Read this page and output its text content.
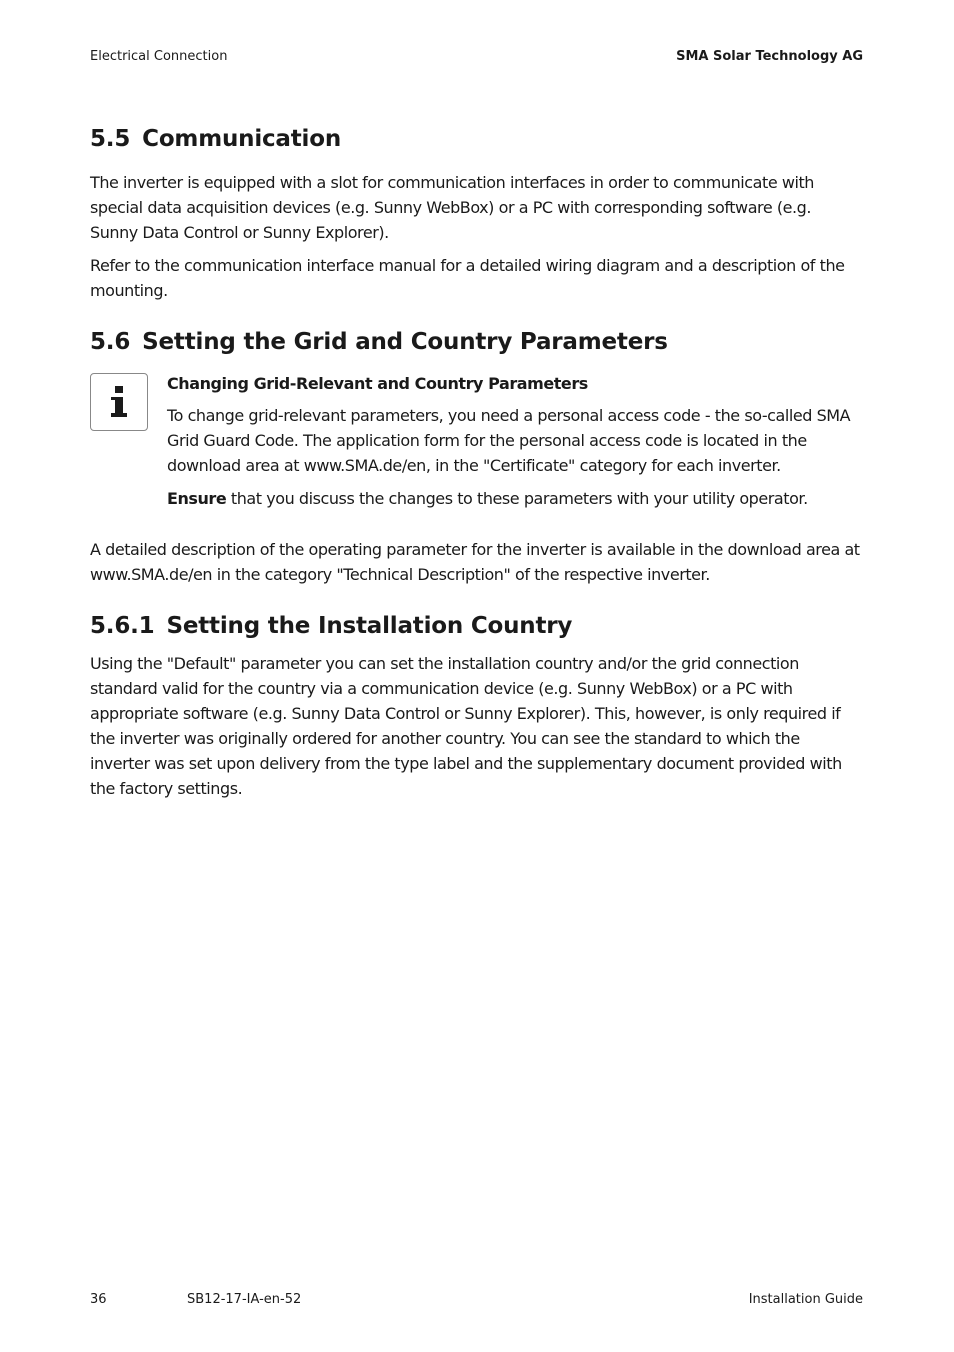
Electrical Connection	SMA Solar Technology AG
5.5 Communication

The inverter is equipped with a slot for communication interfaces in order to communicate with special data acquisition devices (e.g. Sunny WebBox) or a PC with corresponding software (e.g. Sunny Data Control or Sunny Explorer).

Refer to the communication interface manual for a detailed wiring diagram and a description of the mounting.

5.6 Setting the Grid and Country Parameters
Changing Grid-Relevant and Country Parameters

To change grid-relevant parameters, you need a personal access code - the so-called SMA Grid Guard Code. The application form for the personal access code is located in the download area at www.SMA.de/en, in the "Certificate" category for each inverter.

Ensure that you discuss the changes to these parameters with your utility operator.

A detailed description of the operating parameter for the inverter is available in the download area at www.SMA.de/en in the category "Technical Description" of the respective inverter.

5.6.1 Setting the Installation Country

Using the "Default" parameter you can set the installation country and/or the grid connection standard valid for the country via a communication device (e.g. Sunny WebBox) or a PC with appropriate software (e.g. Sunny Data Control or Sunny Explorer). This, however, is only required if the inverter was originally ordered for another country. You can see the standard to which the inverter was set upon delivery from the type label and the supplementary document provided with the factory settings.

36	SB12-17-IA-en-52	Installation Guide
